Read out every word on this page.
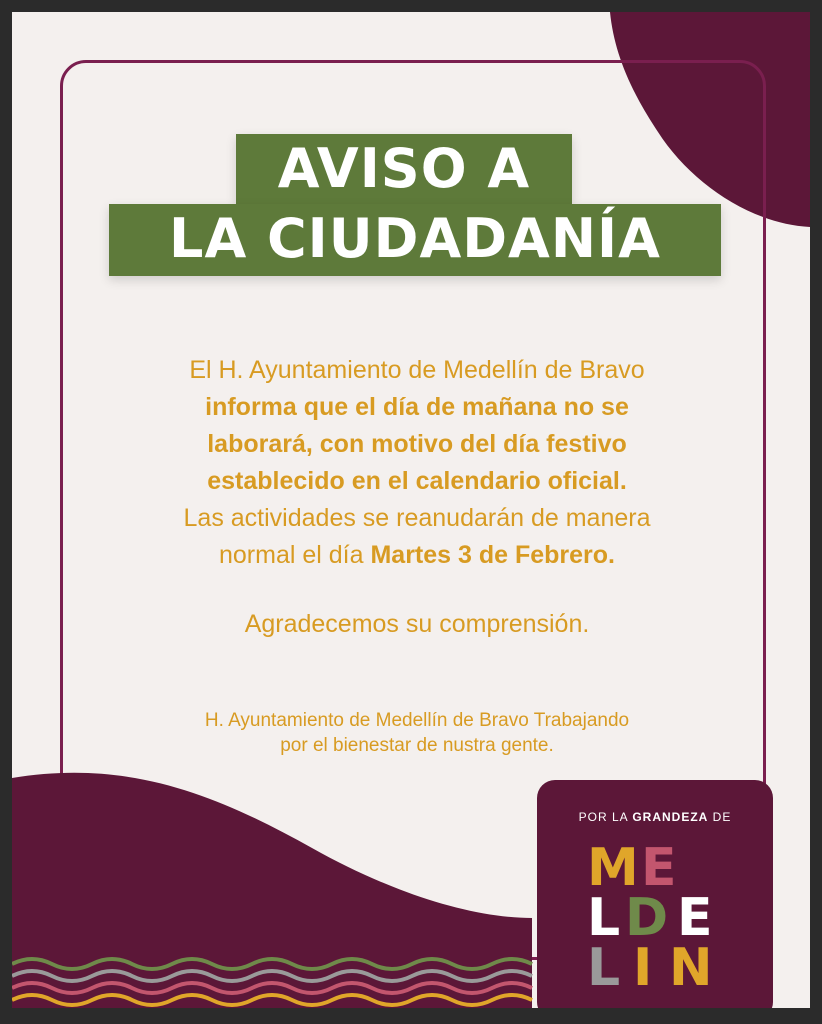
AVISO A
LA CIUDADANÍA
El H. Ayuntamiento de Medellín de Bravo
informa que el día de mañana no se
laborará, con motivo del día festivo
establecido en el calendario oficial.
Las actividades se reanudarán de manera
normal el día Martes 3 de Febrero.
Agradecemos su comprensión.
H. Ayuntamiento de Medellín de Bravo Trabajando
por el bienestar de nustra gente.
POR LA GRANDEZA DE
M E
D E
L
L I N
